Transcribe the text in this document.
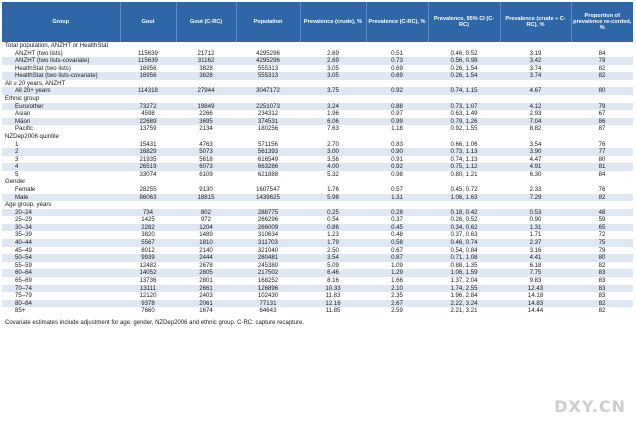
Group	Gout	Gout (C-RC)	Population	Prevalence (crude), %	Prevalence (C-RC), %	Prevalence, 95% CI (C-RC)	Prevalence (crude ÷ C-RC), %	Proportion of prevalence re-corded, %
Total population, ANZHT or HealthStat								
ANZHT (two lists)	115639	21712	4295296	2.69	0.51	0.46, 0.52	3.19	84
ANZHT (two lists-covariate)	115639	31162	4295296	2.69	0.73	0.56, 0.98	3.42	79
HealthStat (two lists)	16956	3828	555313	3.05	0.69	0.26, 1.54	3.74	82
HealthStat (two lists-covariate)	16956	3828	555313	3.05	0.69	0.26, 1.54	3.74	82
All ≥ 20 years, ANZHT								
All 20+ years	114318	27944	3047172	3.75	0.92	0.74, 1.15	4.67	80
Ethnic group								
Euro/other	73272	19849	2251073	3.24	0.88	0.73, 1.07	4.12	79
Asian	4598	2266	234312	1.96	0.97	0.63, 1.49	2.93	67
Māori	22689	3695	374531	6.06	0.99	0.79, 1.26	7.04	86
Pacific	13759	2134	180256	7.63	1.18	0.92, 1.55	8.82	87
NZDep2006 quintile								
1	15431	4763	571156	2.70	0.83	0.66, 1.06	3.54	76
2	16829	5073	561393	3.00	0.90	0.73, 1.13	3.90	77
3	21935	5618	616549	3.56	0.91	0.74, 1.13	4.47	80
4	26519	6073	663286	4.00	0.92	0.75, 1.12	4.91	81
5	33074	6109	621888	5.32	0.98	0.80, 1.21	6.30	84
Gender								
Female	28255	9130	1607547	1.76	0.57	0.45, 0.72	2.33	76
Male	86063	18815	1439625	5.98	1.31	1.06, 1.63	7.29	82
Age group, years								
20–24	734	802	288775	0.25	0.28	0.18, 0.42	0.53	48
25–29	1425	972	266296	0.54	0.37	0.26, 0.52	0.90	59
30–34	2282	1204	266009	0.86	0.45	0.34, 0.62	1.31	65
35–39	3820	1489	310634	1.23	0.48	0.37, 0.63	1.71	72
40–44	5567	1810	311703	1.79	0.58	0.46, 0.74	2.37	75
45–49	8012	2140	321040	2.50	0.67	0.54, 0.84	3.16	79
50–54	9939	2444	280481	3.54	0.87	0.71, 1.08	4.41	80
55–59	12482	2678	245380	5.09	1.09	0.88, 1.35	6.18	82
60–64	14052	2805	217502	6.46	1.29	1.06, 1.59	7.75	83
65–69	13736	2801	168252	8.16	1.66	1.37, 2.04	9.83	83
70–74	13111	2661	126896	10.33	2.10	1.74, 2.55	12.43	83
75–79	12120	2403	102430	11.83	2.35	1.96, 2.84	14.18	83
80–84	9378	2061	77131	12.16	2.67	2.22, 3.24	14.83	82
85+	7660	1674	64643	11.85	2.59	2.21, 3.21	14.44	82
Covariate estimates include adjustment for age, gender, NZDep2006 and ethnic group. C-RC: capture recapture.
DXY.CN
